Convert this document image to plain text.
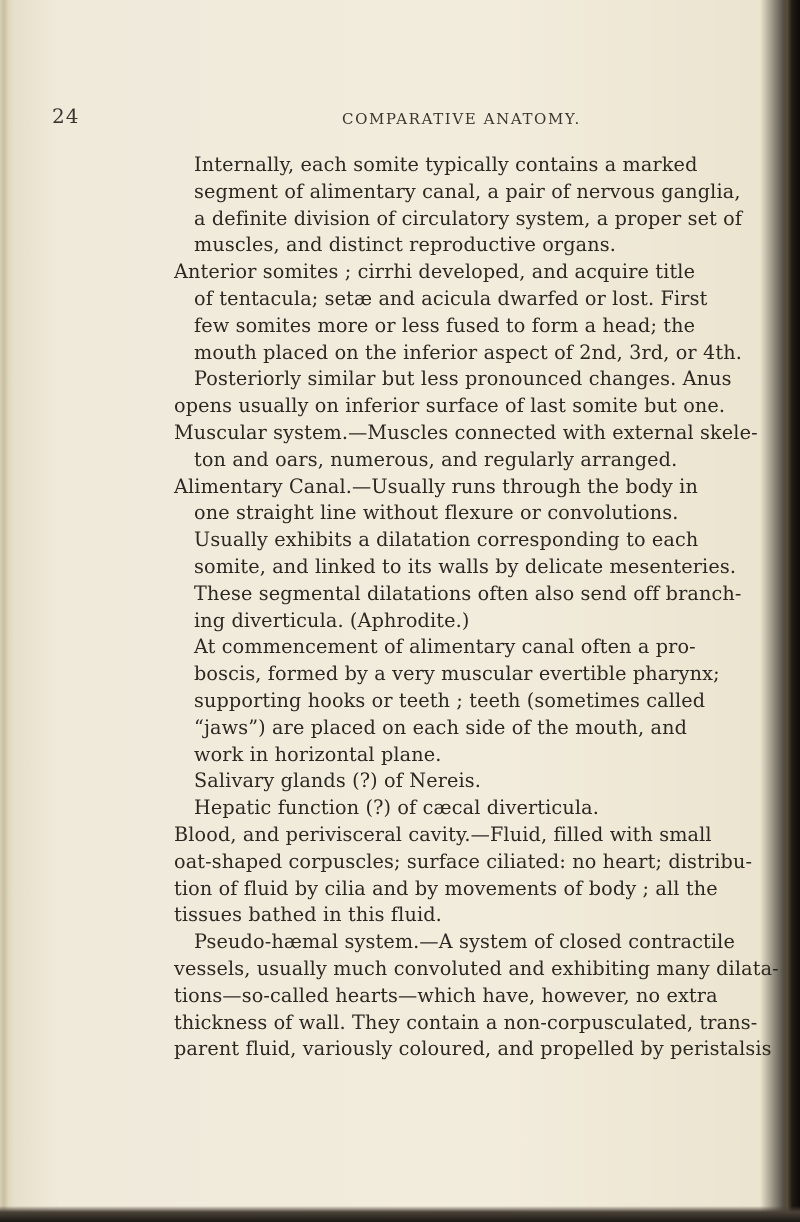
24	COMPARATIVE ANATOMY.
Internally, each somite typically contains a marked
segment of alimentary canal, a pair of nervous ganglia,
a definite division of circulatory system, a proper set of
muscles, and distinct reproductive organs.
Anterior somites ; cirrhi developed, and acquire title
of tentacula; setæ and acicula dwarfed or lost. First
few somites more or less fused to form a head; the
mouth placed on the inferior aspect of 2nd, 3rd, or 4th.
Posteriorly similar but less pronounced changes. Anus
opens usually on inferior surface of last somite but one.
Muscular system.—Muscles connected with external skele-
ton and oars, numerous, and regularly arranged.
Alimentary Canal.—Usually runs through the body in
one straight line without flexure or convolutions.
Usually exhibits a dilatation corresponding to each
somite, and linked to its walls by delicate mesenteries.
These segmental dilatations often also send off branch-
ing diverticula. (Aphrodite.)
At commencement of alimentary canal often a pro-
boscis, formed by a very muscular evertible pharynx;
supporting hooks or teeth ; teeth (sometimes called
“jaws”) are placed on each side of the mouth, and
work in horizontal plane.
Salivary glands (?) of Nereis.
Hepatic function (?) of cæcal diverticula.
Blood, and perivisceral cavity.—Fluid, filled with small
oat-shaped corpuscles; surface ciliated: no heart; distribu-
tion of fluid by cilia and by movements of body ; all the
tissues bathed in this fluid.
Pseudo-hæmal system.—A system of closed contractile
vessels, usually much convoluted and exhibiting many dilata-
tions—so-called hearts—which have, however, no extra
thickness of wall. They contain a non-corpusculated, trans-
parent fluid, variously coloured, and propelled by peristalsis
